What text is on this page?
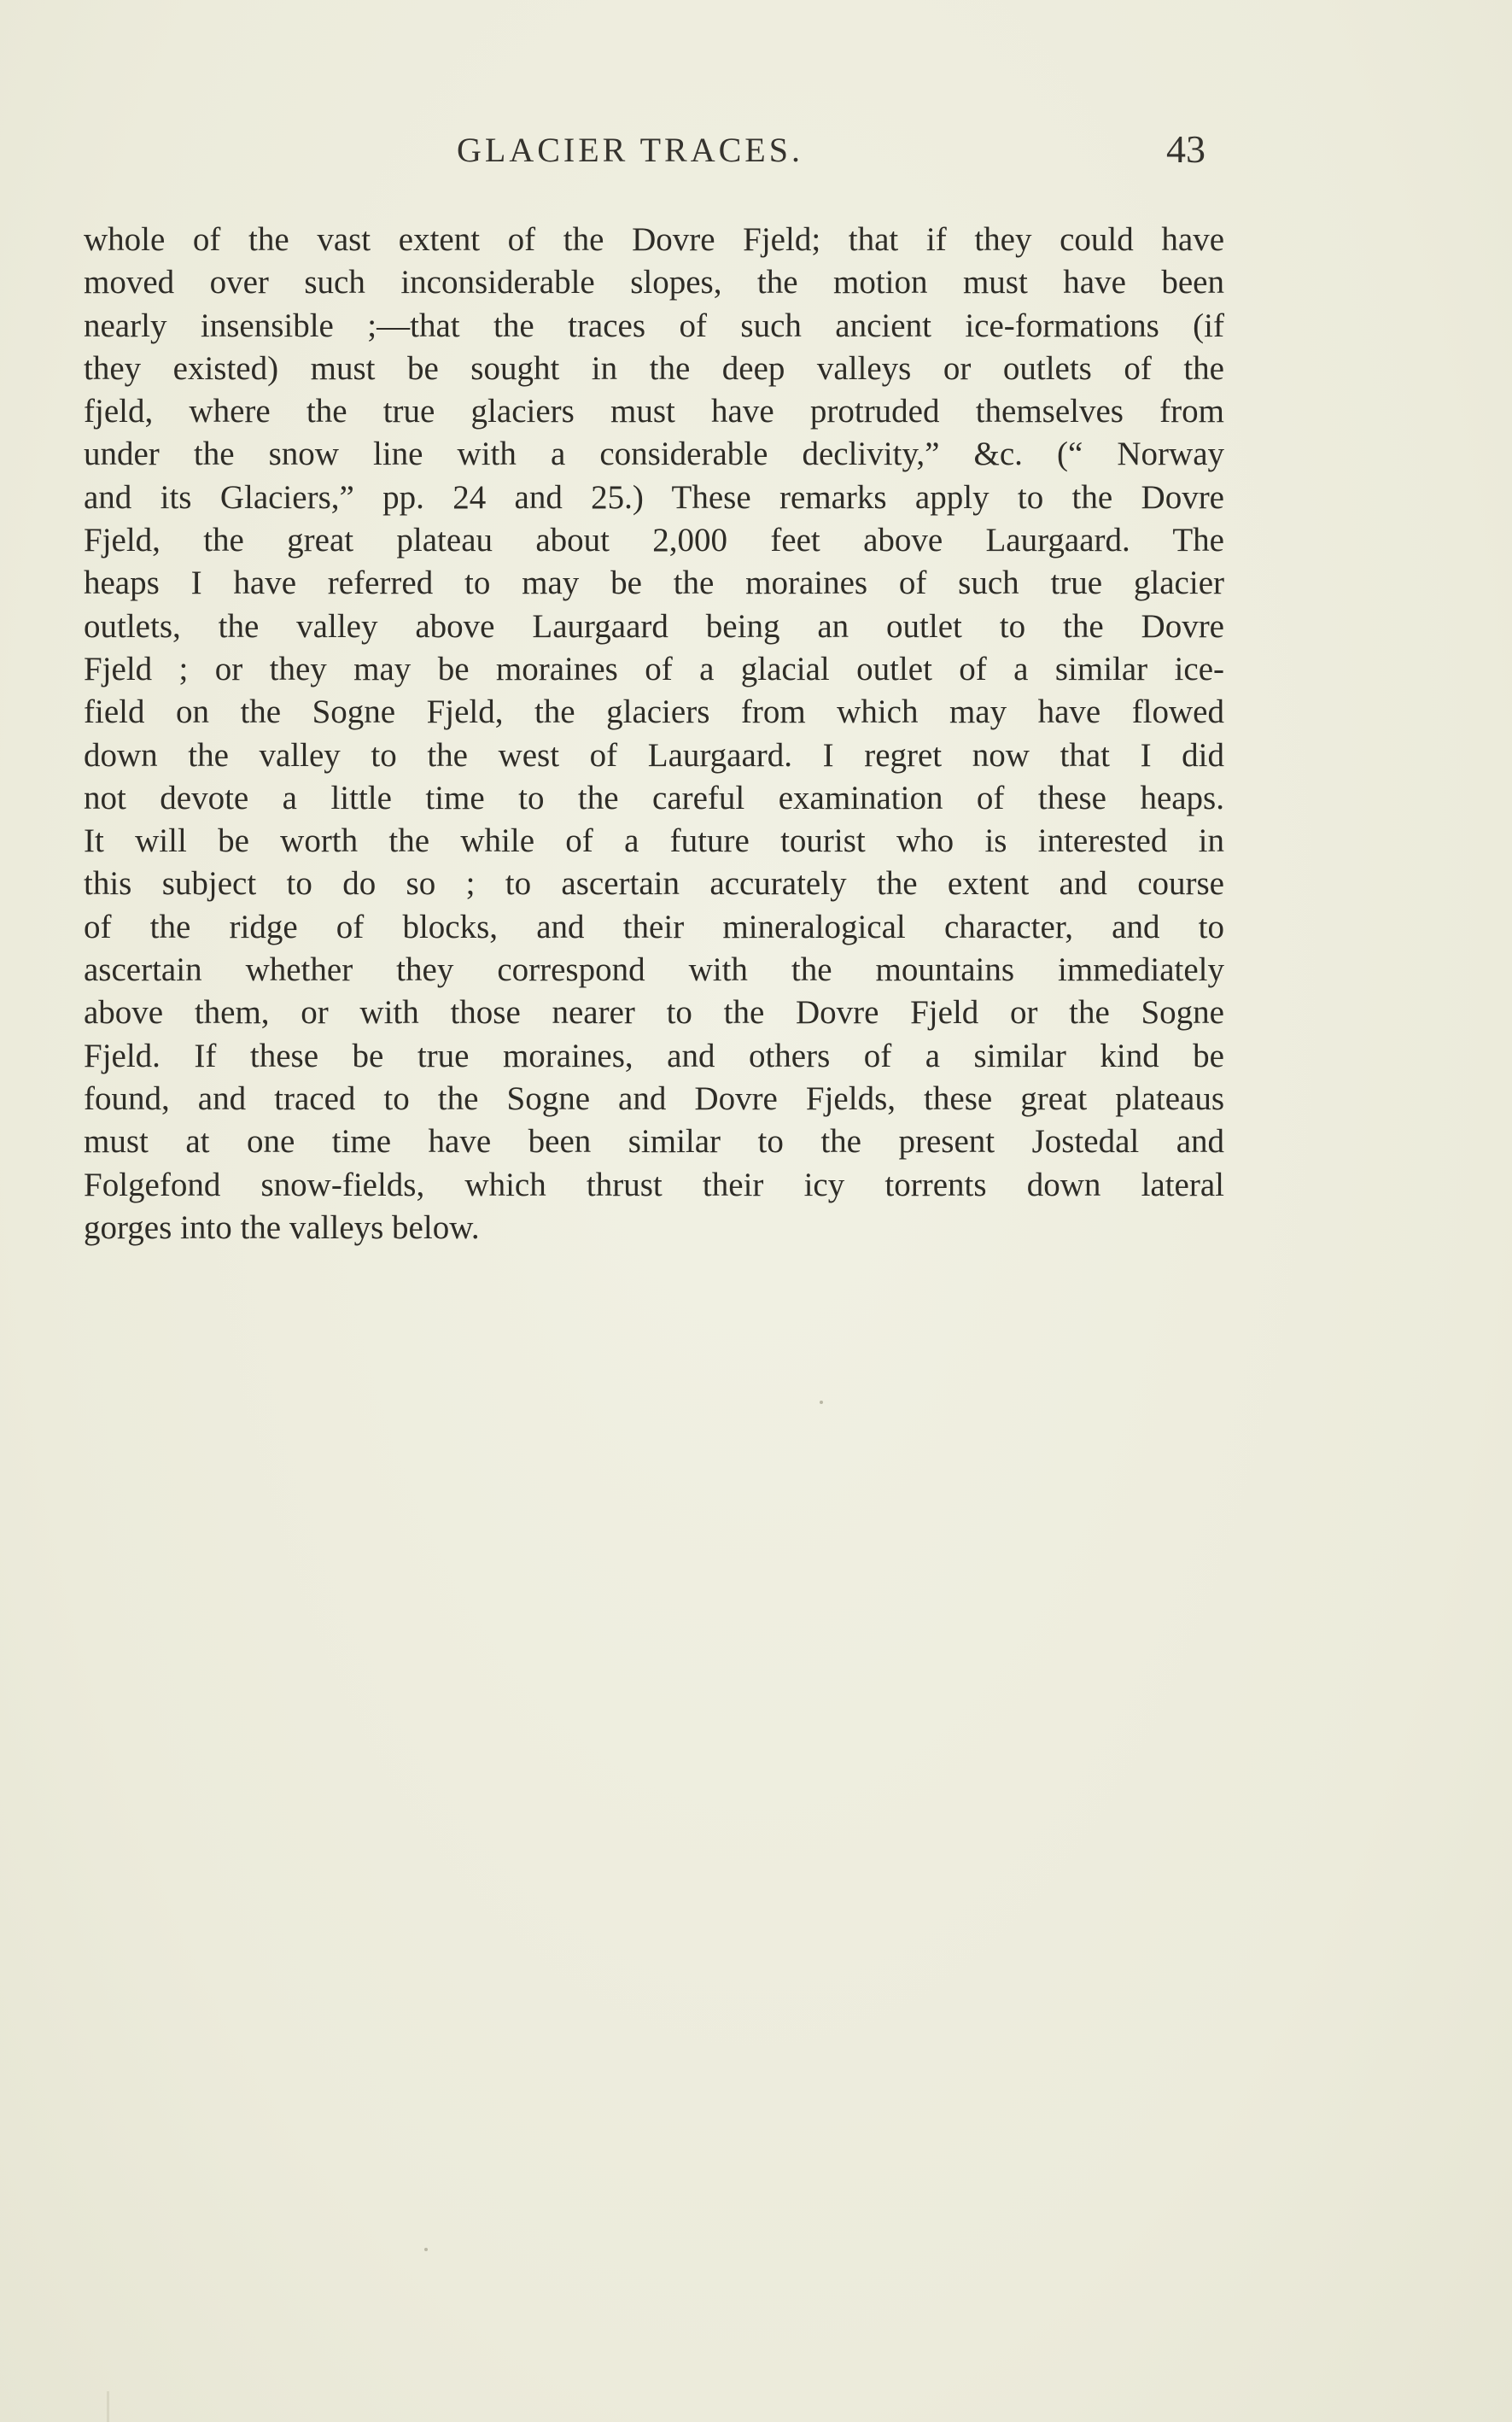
GLACIER TRACES.	43
whole of the vast extent of the Dovre Fjeld; that if they could have
moved over such inconsiderable slopes, the motion must have been
nearly insensible ;—that the traces of such ancient ice-formations (if
they existed) must be sought in the deep valleys or outlets of the
fjeld, where the true glaciers must have protruded themselves from
under the snow line with a considerable declivity,” &c. (“ Norway
and its Glaciers,” pp. 24 and 25.) These remarks apply to the Dovre
Fjeld, the great plateau about 2,000 feet above Laurgaard. The
heaps I have referred to may be the moraines of such true glacier
outlets, the valley above Laurgaard being an outlet to the Dovre
Fjeld ; or they may be moraines of a glacial outlet of a similar ice-
field on the Sogne Fjeld, the glaciers from which may have flowed
down the valley to the west of Laurgaard. I regret now that I did
not devote a little time to the careful examination of these heaps.
It will be worth the while of a future tourist who is interested in
this subject to do so ; to ascertain accurately the extent and course
of the ridge of blocks, and their mineralogical character, and to
ascertain whether they correspond with the mountains immediately
above them, or with those nearer to the Dovre Fjeld or the Sogne
Fjeld. If these be true moraines, and others of a similar kind be
found, and traced to the Sogne and Dovre Fjelds, these great plateaus
must at one time have been similar to the present Jostedal and
Folgefond snow-fields, which thrust their icy torrents down lateral
gorges into the valleys below.
